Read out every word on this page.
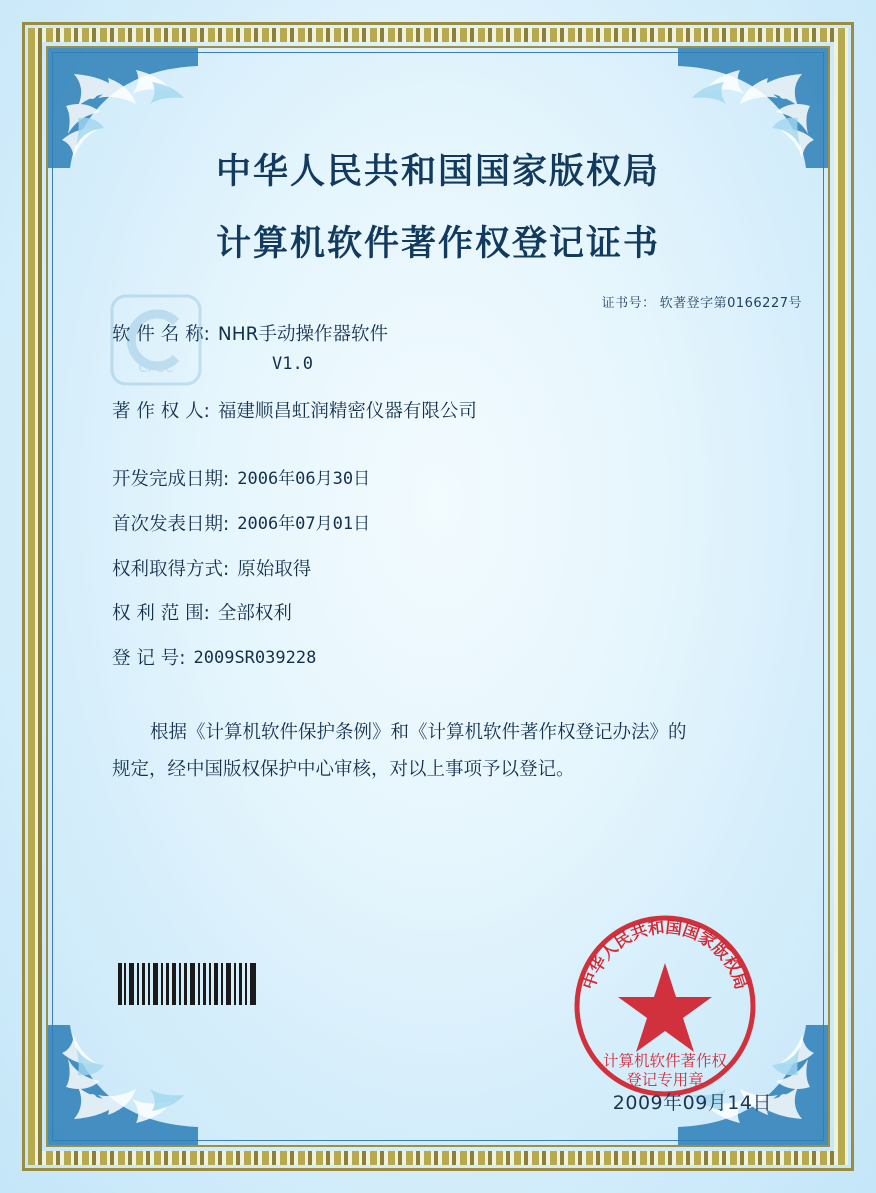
中华人民共和国国家版权局
计算机软件著作权登记证书
证书号： 软著登字第0166227号
CPCC
软 件 名 称: NHR手动操作器软件
V1.0
著 作 权 人: 福建顺昌虹润精密仪器有限公司
开发完成日期: 2006年06月30日
首次发表日期: 2006年07月01日
权利取得方式: 原始取得
权 利 范 围: 全部权利
登 记 号: 2009SR039228
根据《计算机软件保护条例》和《计算机软件著作权登记办法》的
规定，经中国版权保护中心审核，对以上事项予以登记。
中华人民共和国国家版权局
计算机软件著作权
登记专用章
2009年09月14日
